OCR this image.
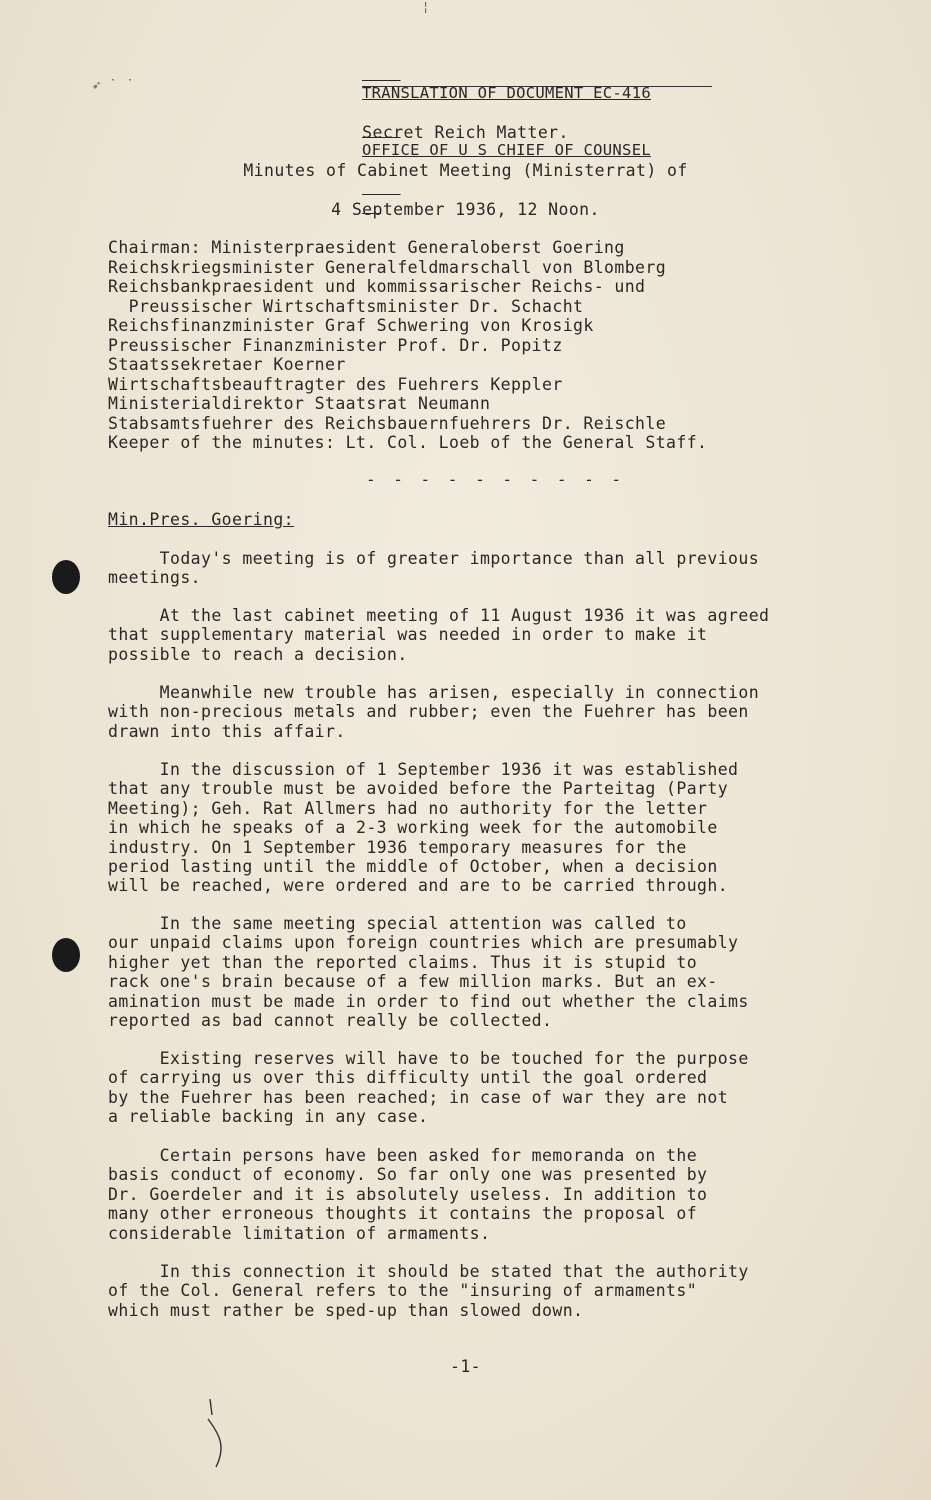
➶ ˙ ˙
¦

TRANSLATION OF DOCUMENT EC-416

OFFICE OF U S CHIEF OF COUNSEL

Secret Reich Matter.
Minutes of Cabinet Meeting (Ministerrat) of
4 September 1936, 12 Noon.
Chairman: Ministerpraesident Generaloberst Goering
Reichskriegsminister Generalfeldmarschall von Blomberg
Reichsbankpraesident und kommissarischer Reichs- und
Preussischer Wirtschaftsminister Dr. Schacht
Reichsfinanzminister Graf Schwering von Krosigk
Preussischer Finanzminister Prof. Dr. Popitz
Staatssekretaer Koerner
Wirtschaftsbeauftragter des Fuehrers Keppler
Ministerialdirektor Staatsrat Neumann
Stabsamtsfuehrer des Reichsbauernfuehrers Dr. Reischle
Keeper of the minutes: Lt. Col. Loeb of the General Staff.
- - - - - - - - - -
Min.Pres. Goering:
Today's meeting is of greater importance than all previous
meetings.
At the last cabinet meeting of 11 August 1936 it was agreed
that supplementary material was needed in order to make it
possible to reach a decision.
Meanwhile new trouble has arisen, especially in connection
with non-precious metals and rubber; even the Fuehrer has been
drawn into this affair.
In the discussion of 1 September 1936 it was established
that any trouble must be avoided before the Parteitag (Party
Meeting); Geh. Rat Allmers had no authority for the letter
in which he speaks of a 2-3 working week for the automobile
industry. On 1 September 1936 temporary measures for the
period lasting until the middle of October, when a decision
will be reached, were ordered and are to be carried through.
In the same meeting special attention was called to
our unpaid claims upon foreign countries which are presumably
higher yet than the reported claims. Thus it is stupid to
rack one's brain because of a few million marks. But an ex-
amination must be made in order to find out whether the claims
reported as bad cannot really be collected.
Existing reserves will have to be touched for the purpose
of carrying us over this difficulty until the goal ordered
by the Fuehrer has been reached; in case of war they are not
a reliable backing in any case.
Certain persons have been asked for memoranda on the
basis conduct of economy. So far only one was presented by
Dr. Goerdeler and it is absolutely useless. In addition to
many other erroneous thoughts it contains the proposal of
considerable limitation of armaments.
In this connection it should be stated that the authority
of the Col. General refers to the "insuring of armaments"
which must rather be sped-up than slowed down.
-1-
